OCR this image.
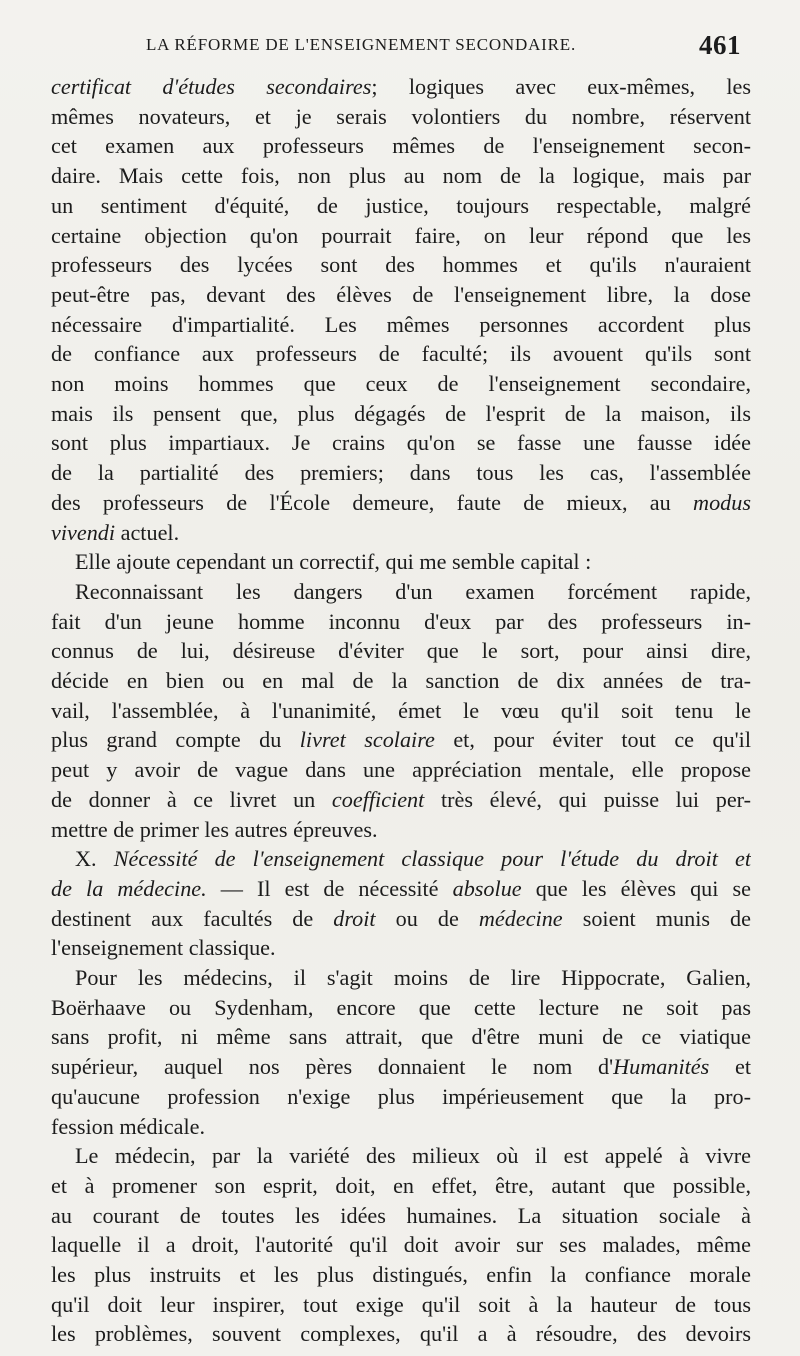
LA RÉFORME DE L'ENSEIGNEMENT SECONDAIRE.	461
certificat d'études secondaires; logiques avec eux-mêmes, les
mêmes novateurs, et je serais volontiers du nombre, réservent
cet examen aux professeurs mêmes de l'enseignement secon-
daire. Mais cette fois, non plus au nom de la logique, mais par
un sentiment d'équité, de justice, toujours respectable, malgré
certaine objection qu'on pourrait faire, on leur répond que les
professeurs des lycées sont des hommes et qu'ils n'auraient
peut-être pas, devant des élèves de l'enseignement libre, la dose
nécessaire d'impartialité. Les mêmes personnes accordent plus
de confiance aux professeurs de faculté; ils avouent qu'ils sont
non moins hommes que ceux de l'enseignement secondaire,
mais ils pensent que, plus dégagés de l'esprit de la maison, ils
sont plus impartiaux. Je crains qu'on se fasse une fausse idée
de la partialité des premiers; dans tous les cas, l'assemblée
des professeurs de l'École demeure, faute de mieux, au modus
vivendi actuel.
Elle ajoute cependant un correctif, qui me semble capital :
Reconnaissant les dangers d'un examen forcément rapide,
fait d'un jeune homme inconnu d'eux par des professeurs in-
connus de lui, désireuse d'éviter que le sort, pour ainsi dire,
décide en bien ou en mal de la sanction de dix années de tra-
vail, l'assemblée, à l'unanimité, émet le vœu qu'il soit tenu le
plus grand compte du livret scolaire et, pour éviter tout ce qu'il
peut y avoir de vague dans une appréciation mentale, elle propose
de donner à ce livret un coefficient très élevé, qui puisse lui per-
mettre de primer les autres épreuves.
X. Nécessité de l'enseignement classique pour l'étude du droit et
de la médecine. — Il est de nécessité absolue que les élèves qui se
destinent aux facultés de droit ou de médecine soient munis de
l'enseignement classique.
Pour les médecins, il s'agit moins de lire Hippocrate, Galien,
Boërhaave ou Sydenham, encore que cette lecture ne soit pas
sans profit, ni même sans attrait, que d'être muni de ce viatique
supérieur, auquel nos pères donnaient le nom d'Humanités et
qu'aucune profession n'exige plus impérieusement que la pro-
fession médicale.
Le médecin, par la variété des milieux où il est appelé à vivre
et à promener son esprit, doit, en effet, être, autant que possible,
au courant de toutes les idées humaines. La situation sociale à
laquelle il a droit, l'autorité qu'il doit avoir sur ses malades, même
les plus instruits et les plus distingués, enfin la confiance morale
qu'il doit leur inspirer, tout exige qu'il soit à la hauteur de tous
les problèmes, souvent complexes, qu'il a à résoudre, des devoirs
